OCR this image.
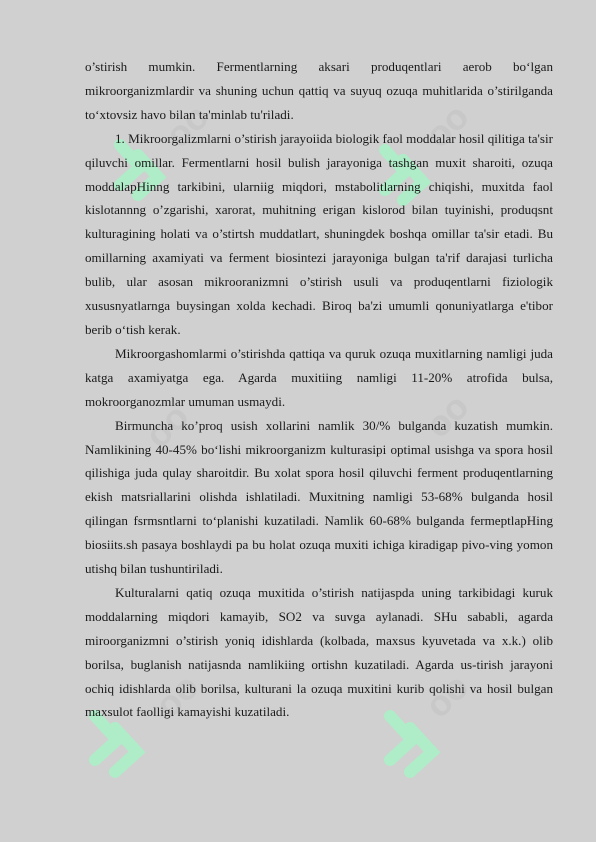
oo	oo
oo	oo
oo	oo

o’stirish mumkin. Fermentlarning aksari produqentlari aerob bo‘lgan mikroorganizmlardir va shuning uchun qattiq va suyuq ozuqa muhitlarida o’stirilganda to‘xtovsiz havo bilan ta'minlab tu'riladi.

1. Mikroorgalizmlarni o’stirish jarayoiida biologik faol moddalar hosil qilitiga ta'sir qiluvchi omillar. Fermentlarni hosil bulish jarayoniga tashgan muxit sharoiti, ozuqa moddalapHinng tarkibini, ularniig miqdori, mstabolitlarning chiqishi, muxitda faol kislotannng o’zgarishi, xarorat, muhitning erigan kislorod bilan tuyinishi, produqsnt kulturagining holati va o’stirtsh muddatlart, shuningdek boshqa omillar ta'sir etadi. Bu omillarning axamiyati va ferment biosintezi jarayoniga bulgan ta'rif darajasi turlicha bulib, ular asosan mikrooranizmni o’stirish usuli va produqentlarni fiziologik xususnyatlarnga buysingan xolda kechadi. Biroq ba'zi umumli qonuniyatlarga e'tibor berib o‘tish kerak.

Mikroorgashomlarmi o’stirishda qattiqa va quruk ozuqa muxitlarning namligi juda katga axamiyatga ega. Agarda muxitiing namligi 11-20% atrofida bulsa, mokroorganozmlar umuman usmaydi.

Birmuncha ko’proq usish xollarini namlik 30/% bulganda kuzatish mumkin. Namlikining 40-45% bo‘lishi mikroorganizm kulturasipi optimal usishga va spora hosil qilishiga juda qulay sharoitdir. Bu xolat spora hosil qiluvchi ferment produqentlarning ekish matsriallarini olishda ishlatiladi. Muxitning namligi 53-68% bulganda hosil qilingan fsrmsntlarni to‘planishi kuzatiladi. Namlik 60-68% bulganda fermeptlapHing biosiits.sh pasaya boshlaydi pa bu holat ozuqa muxiti ichiga kiradigap pivo-ving yomon utishq bilan tushuntiriladi.

Kulturalarni qatiq ozuqa muxitida o’stirish natijaspda uning tarkibidagi kuruk moddalarning miqdori kamayib, SO2 va suvga aylanadi. SHu sababli, agarda miroorganizmni o’stirish yoniq idishlarda (kolbada, maxsus kyuvetada va x.k.) olib borilsa, buglanish natijasnda namlikiing ortishn kuzatiladi. Agarda us-tirish jarayoni ochiq idishlarda olib borilsa, kulturani la ozuqa muxitini kurib qolishi va hosil bulgan maxsulot faolligi kamayishi kuzatiladi.
